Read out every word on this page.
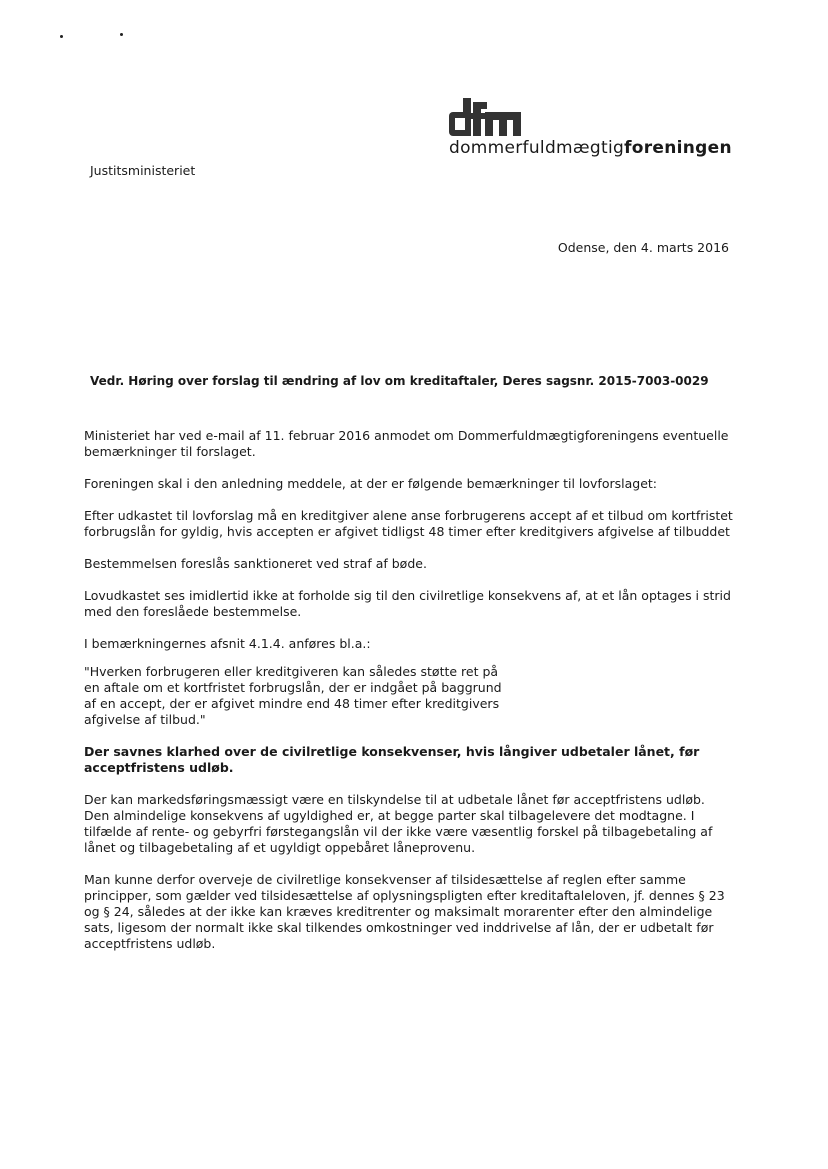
dommerfuldmægtigforeningen
Justitsministeriet
Odense, den 4. marts 2016
Vedr. Høring over forslag til ændring af lov om kreditaftaler, Deres sagsnr. 2015-7003-0029

Ministeriet har ved e-mail af 11. februar 2016 anmodet om Dommerfuldmægtigforeningens eventuelle bemærkninger til forslaget.

Foreningen skal i den anledning meddele, at der er følgende bemærkninger til lovforslaget:

Efter udkastet til lovforslag må en kreditgiver alene anse forbrugerens accept af et tilbud om kortfristet forbrugslån for gyldig, hvis accepten er afgivet tidligst 48 timer efter kreditgivers afgivelse af tilbuddet

Bestemmelsen foreslås sanktioneret ved straf af bøde.

Lovudkastet ses imidlertid ikke at forholde sig til den civilretlige konsekvens af, at et lån optages i strid med den foreslåede bestemmelse.

I bemærkningernes afsnit 4.1.4. anføres bl.a.:

"Hverken forbrugeren eller kreditgiveren kan således støtte ret på en aftale om et kortfristet forbrugslån, der er indgået på baggrund af en accept, der er afgivet mindre end 48 timer efter kreditgivers afgivelse af tilbud."

Der savnes klarhed over de civilretlige konsekvenser, hvis långiver udbetaler lånet, før acceptfristens udløb.

Der kan markedsføringsmæssigt være en tilskyndelse til at udbetale lånet før acceptfristens udløb. Den almindelige konsekvens af ugyldighed er, at begge parter skal tilbagelevere det modtagne. I tilfælde af rente- og gebyrfri førstegangslån vil der ikke være væsentlig forskel på tilbagebetaling af lånet og tilbagebetaling af et ugyldigt oppebåret låneprovenu.

Man kunne derfor overveje de civilretlige konsekvenser af tilsidesættelse af reglen efter samme principper, som gælder ved tilsidesættelse af oplysningspligten efter kreditaftaleloven, jf. dennes § 23 og § 24, således at der ikke kan kræves kreditrenter og maksimalt morarenter efter den almindelige sats, ligesom der normalt ikke skal tilkendes omkostninger ved inddrivelse af lån, der er udbetalt før acceptfristens udløb.
